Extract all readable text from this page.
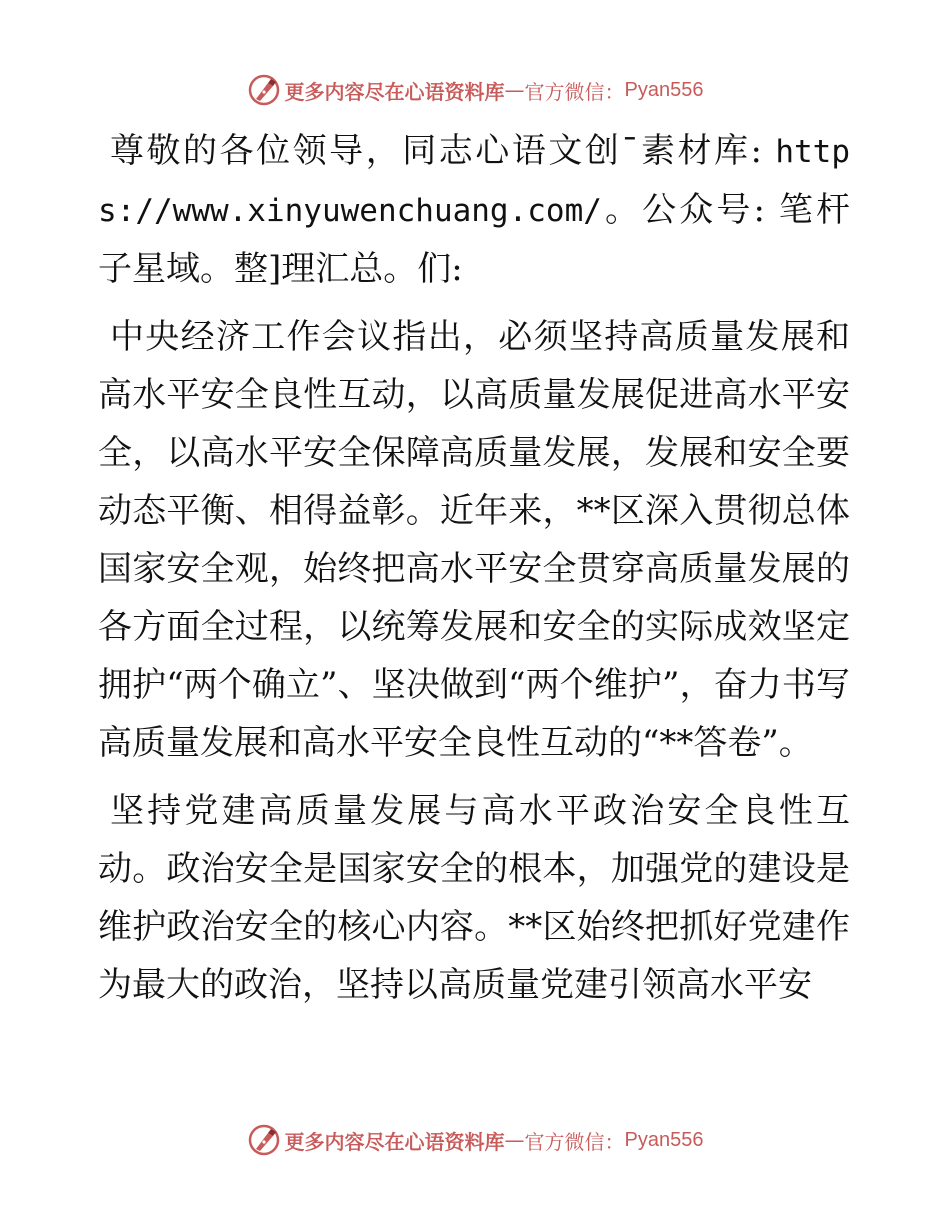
更多内容尽在心语资料库 — 官方微信： Pyan556

尊敬的各位领导，同志心语文创¯素材库: https://www.xinyuwenchuang.com/。公众号: 笔杆子星域。整]理汇总。们:

中央经济工作会议指出，必须坚持高质量发展和高水平安全良性互动，以高质量发展促进高水平安全，以高水平安全保障高质量发展，发展和安全要动态平衡、相得益彰。近年来，**区深入贯彻总体国家安全观，始终把高水平安全贯穿高质量发展的各方面全过程，以统筹发展和安全的实际成效坚定拥护“两个确立”、坚决做到“两个维护”，奋力书写高质量发展和高水平安全良性互动的“**答卷”。

坚持党建高质量发展与高水平政治安全良性互动。政治安全是国家安全的根本，加强党的建设是维护政治安全的核心内容。**区始终把抓好党建作为最大的政治，坚持以高质量党建引领高水平安

更多内容尽在心语资料库 — 官方微信： Pyan556
